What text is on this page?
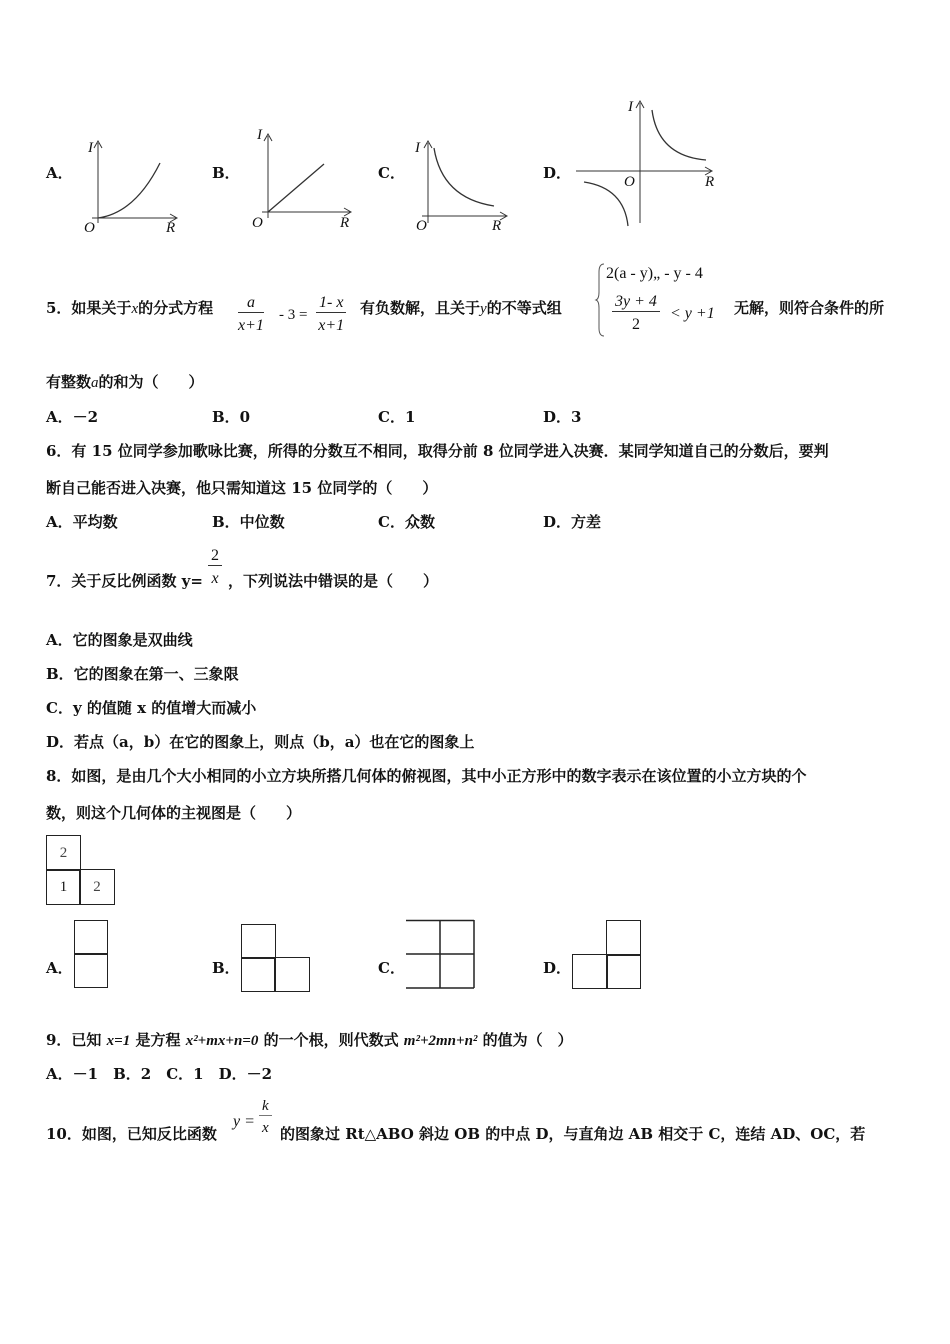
A．
I
R
O
B．
I
R
O
C．
I
R
O
D．
I
R
O
5．如果关于x的分式方程 $\frac{a}{x+1} - 3 = \frac{1- x}{x+1}$ 有负数解，且关于y的不等式组
2(a - y)„ - y - 4
$\frac{3y + 4}{2} < y +1$ 无解，则符合条件的所
有整数a的和为（　　）
A．－2	B．0	C．1	D．3
6．有 15 位同学参加歌咏比赛，所得的分数互不相同，取得分前 8 位同学进入决赛．某同学知道自己的分数后，要判
断自己能否进入决赛，他只需知道这 15 位同学的（　　）
A．平均数	B．中位数	C．众数	D．方差
7．关于反比例函数 $y= \frac{2}{x}$ ，下列说法中错误的是（　　）
A．它的图象是双曲线
B．它的图象在第一、三象限
C．y 的值随 x 的值增大而减小
D．若点（a，b）在它的图象上，则点（b，a）也在它的图象上
8．如图，是由几个大小相同的小立方块所搭几何体的俯视图，其中小正方形中的数字表示在该位置的小立方块的个
数，则这个几何体的主视图是（　　）
2
1	2
A．	B．	C．	D．
9．已知 x=1 是方程 x²+mx+n=0 的一个根，则代数式 m²+2mn+n² 的值为（　）
A．－1　B．2　C．1　D．－2
10．如图，已知反比函数
$y = \frac{k}{x}$ 的图象过 Rt△ABO 斜边 OB 的中点 D，与直角边 AB 相交于 C，连结 AD、OC，若
